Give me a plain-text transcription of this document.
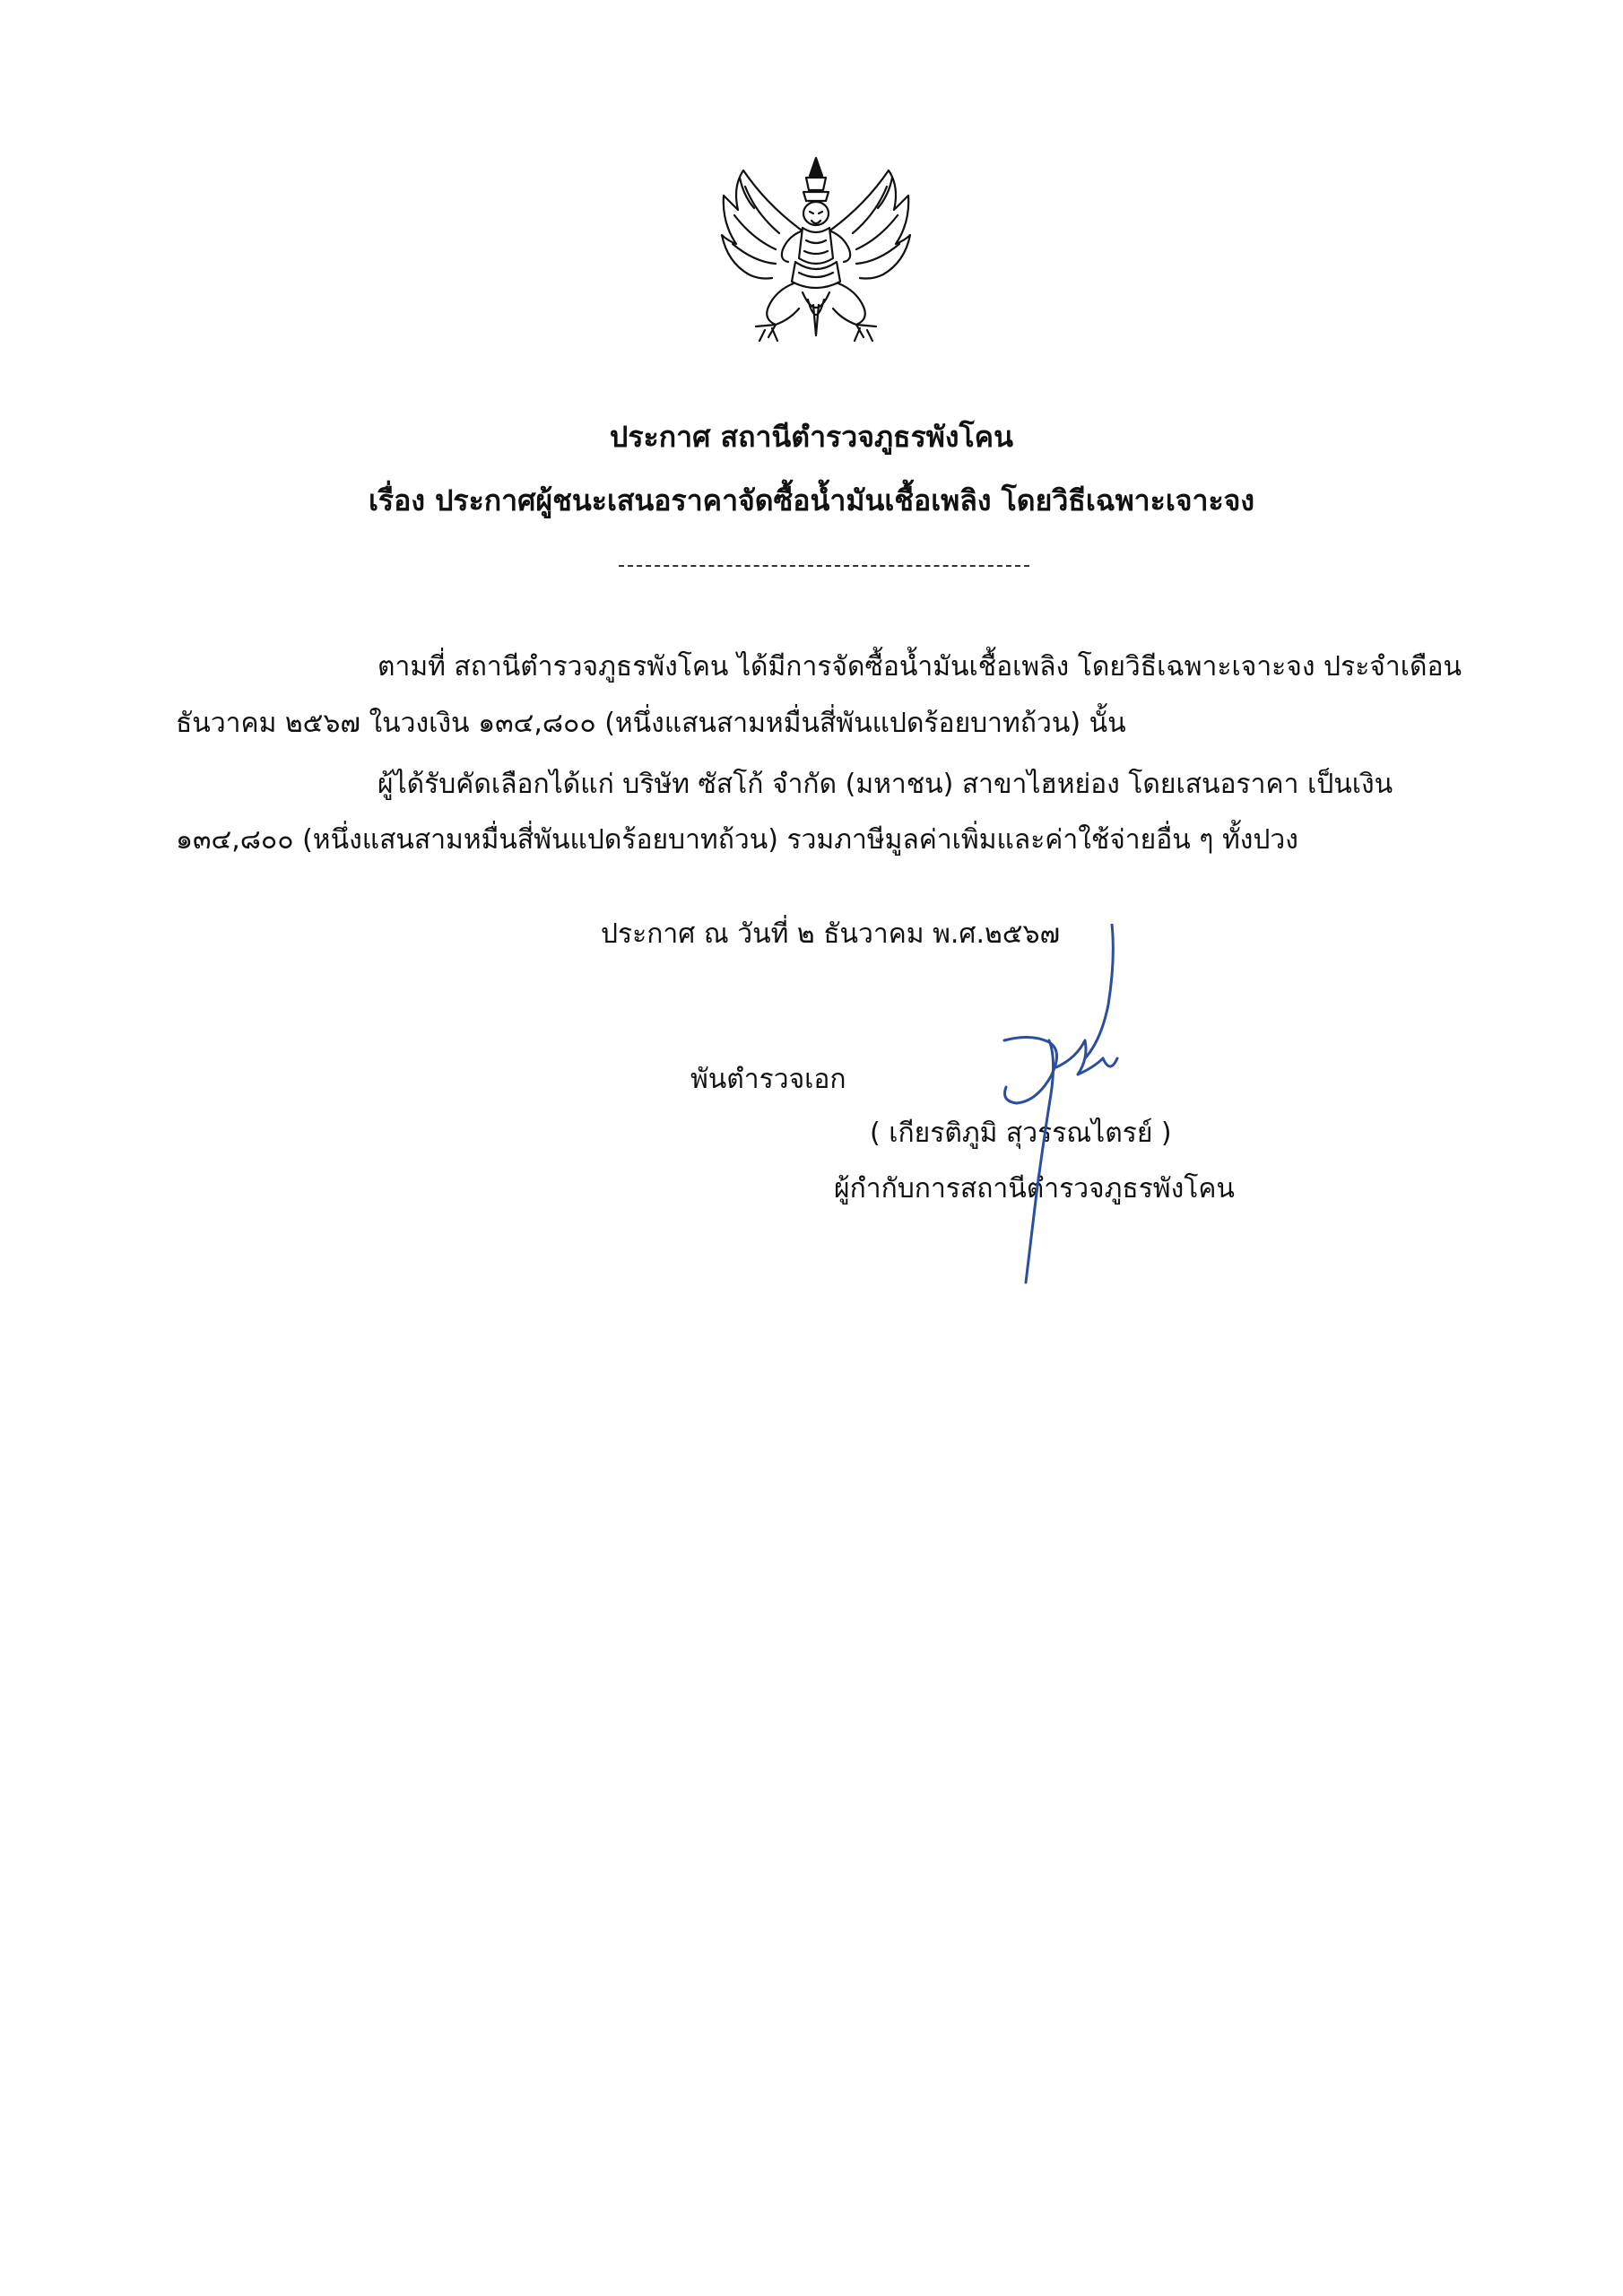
ประกาศ สถานีตำรวจภูธรพังโคน
เรื่อง ประกาศผู้ชนะเสนอราคาจัดซื้อน้ำมันเชื้อเพลิง โดยวิธีเฉพาะเจาะจง
ตามที่ สถานีตำรวจภูธรพังโคน ได้มีการจัดซื้อน้ำมันเชื้อเพลิง โดยวิธีเฉพาะเจาะจง ประจำเดือน
ธันวาคม ๒๕๖๗ ในวงเงิน ๑๓๔,๘๐๐ (หนึ่งแสนสามหมื่นสี่พันแปดร้อยบาทถ้วน) นั้น
ผู้ได้รับคัดเลือกได้แก่ บริษัท ซัสโก้ จำกัด (มหาชน) สาขาไฮหย่อง โดยเสนอราคา เป็นเงิน
๑๓๔,๘๐๐ (หนึ่งแสนสามหมื่นสี่พันแปดร้อยบาทถ้วน) รวมภาษีมูลค่าเพิ่มและค่าใช้จ่ายอื่น ๆ ทั้งปวง
ประกาศ ณ วันที่ ๒ ธันวาคม พ.ศ.๒๕๖๗
พันตำรวจเอก
( เกียรติภูมิ สุวรรณไตรย์ )
ผู้กำกับการสถานีตำรวจภูธรพังโคน
